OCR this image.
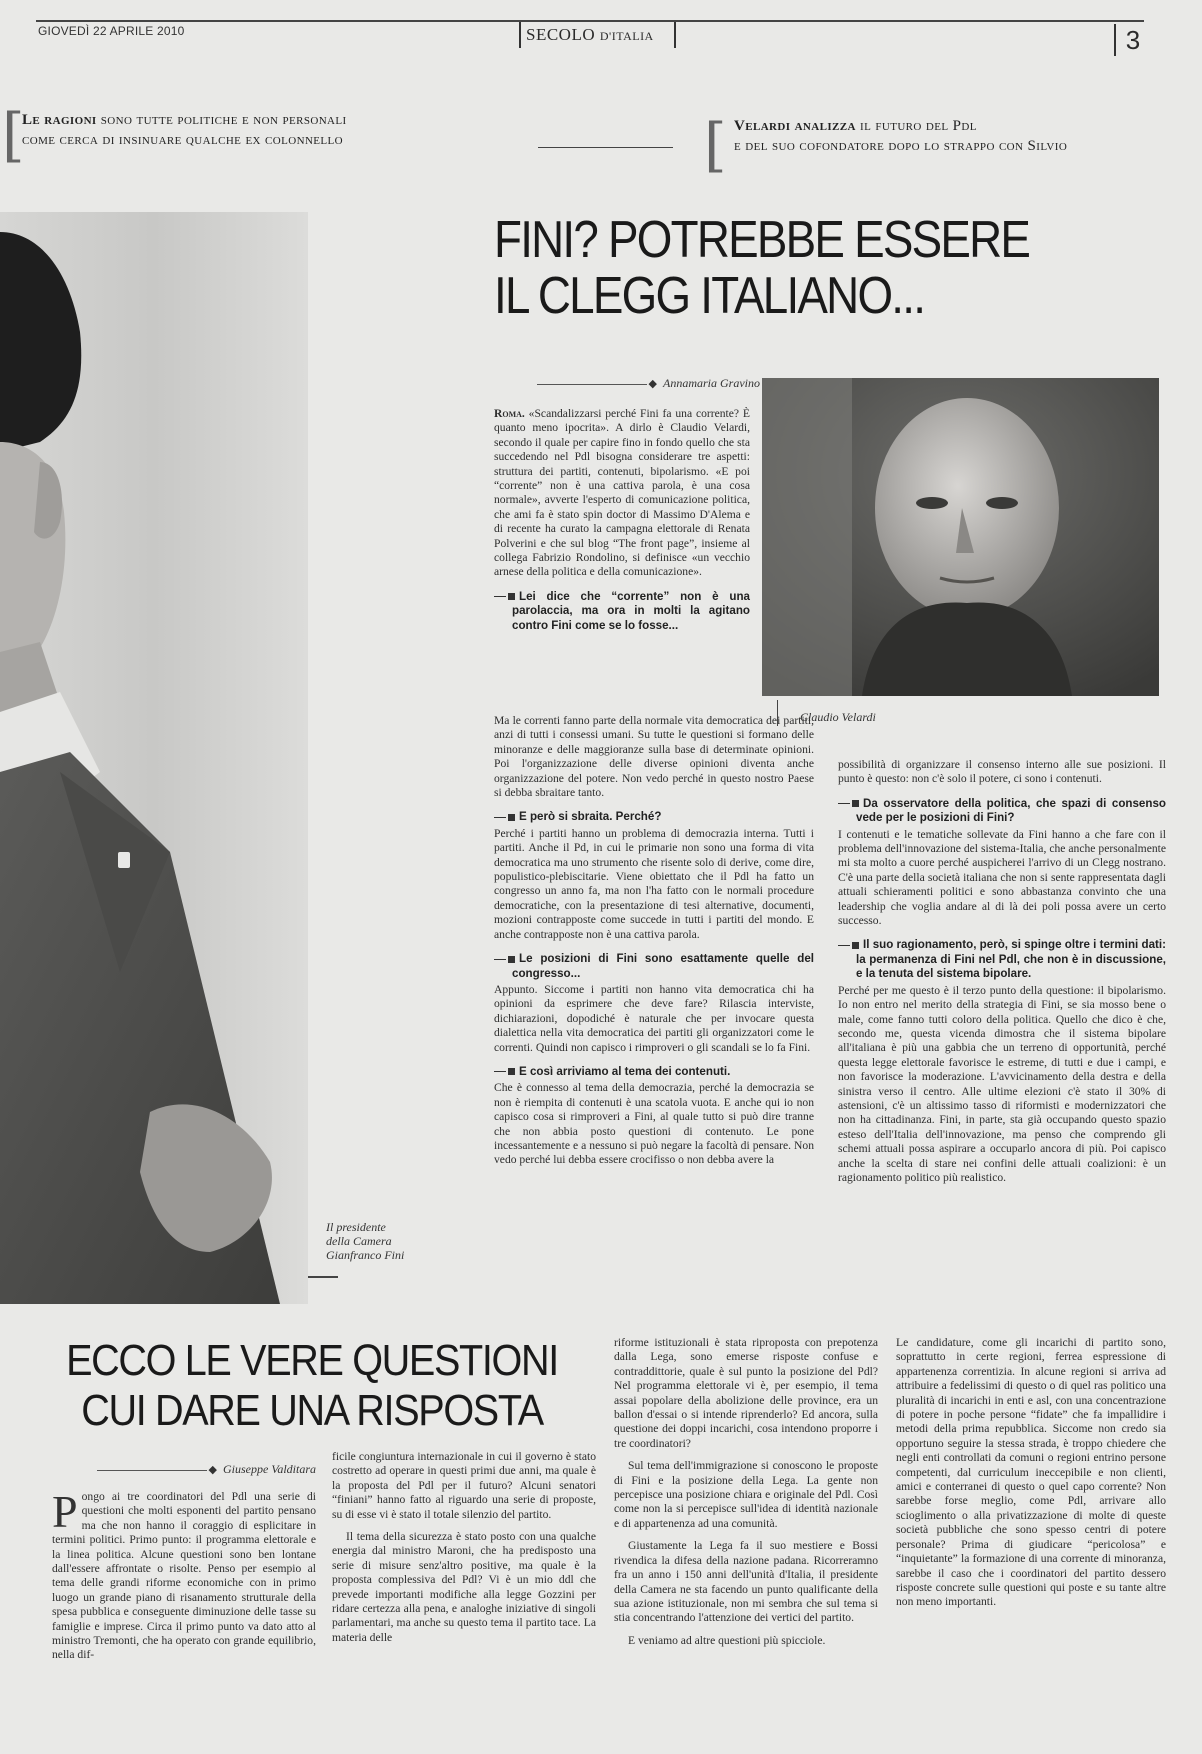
GIOVEDÌ 22 APRILE 2010	SECOLO D'ITALIA	3
[
Le ragioni sono tutte politiche e non personali
come cerca di insinuare qualche ex colonnello	[ Velardi analizza il futuro del Pdl
e del suo cofondatore dopo lo strappo con Silvio
Il presidente
della Camera
Gianfranco Fini
FINI? POTREBBE ESSERE
IL CLEGG ITALIANO...
◆ Annamaria Gravino
Claudio Velardi

Roma. «Scandalizzarsi perché Fini fa una corrente? È quanto meno ipocrita». A dirlo è Claudio Velardi, secondo il quale per capire fino in fondo quello che sta succedendo nel Pdl bisogna considerare tre aspetti: struttura dei partiti, contenuti, bipolarismo. «E poi “corrente” non è una cattiva parola, è una cosa normale», avverte l'esperto di comunicazione politica, che ami fa è stato spin doctor di Massimo D'Alema e di recente ha curato la campagna elettorale di Renata Polverini e che sul blog “The front page”, insieme al collega Fabrizio Rondolino, si definisce «un vecchio arnese della politica e della comunicazione».

Lei dice che “corrente” non è una parolaccia, ma ora in molti la agitano contro Fini come se lo fosse...

Ma le correnti fanno parte della normale vita democratica dei partiti, anzi di tutti i consessi umani. Su tutte le questioni si formano delle minoranze e delle maggioranze sulla base di determinate opinioni. Poi l'organizzazione delle diverse opinioni diventa anche organizzazione del potere. Non vedo perché in questo nostro Paese si debba sbraitare tanto.

E però si sbraita. Perché?

Perché i partiti hanno un problema di democrazia interna. Tutti i partiti. Anche il Pd, in cui le primarie non sono una forma di vita democratica ma uno strumento che risente solo di derive, come dire, populistico-plebiscitarie. Viene obiettato che il Pdl ha fatto un congresso un anno fa, ma non l'ha fatto con le normali procedure democratiche, con la presentazione di tesi alternative, documenti, mozioni contrapposte come succede in tutti i partiti del mondo. E anche contrapposte non è una cattiva parola.

Le posizioni di Fini sono esattamente quelle del congresso...

Appunto. Siccome i partiti non hanno vita democratica chi ha opinioni da esprimere che deve fare? Rilascia interviste, dichiarazioni, dopodiché è naturale che per invocare questa dialettica nella vita democratica dei partiti gli organizzatori come le correnti. Quindi non capisco i rimproveri o gli scandali se lo fa Fini.

E così arriviamo al tema dei contenuti.

Che è connesso al tema della democrazia, perché la democrazia se non è riempita di contenuti è una scatola vuota. E anche qui io non capisco cosa si rimproveri a Fini, al quale tutto si può dire tranne che non abbia posto questioni di contenuto. Le pone incessantemente e a nessuno si può negare la facoltà di pensare. Non vedo perché lui debba essere crocifisso o non debba avere la

possibilità di organizzare il consenso interno alle sue posizioni. Il punto è questo: non c'è solo il potere, ci sono i contenuti.

Da osservatore della politica, che spazi di consenso vede per le posizioni di Fini?

I contenuti e le tematiche sollevate da Fini hanno a che fare con il problema dell'innovazione del sistema-Italia, che anche personalmente mi sta molto a cuore perché auspicherei l'arrivo di un Clegg nostrano. C'è una parte della società italiana che non si sente rappresentata dagli attuali schieramenti politici e sono abbastanza convinto che una leadership che voglia andare al di là dei poli possa avere un certo successo.

Il suo ragionamento, però, si spinge oltre i termini dati: la permanenza di Fini nel Pdl, che non è in discussione, e la tenuta del sistema bipolare.

Perché per me questo è il terzo punto della questione: il bipolarismo. Io non entro nel merito della strategia di Fini, se sia mosso bene o male, come fanno tutti coloro della politica. Quello che dico è che, secondo me, questa vicenda dimostra che il sistema bipolare all'italiana è più una gabbia che un terreno di opportunità, perché questa legge elettorale favorisce le estreme, di tutti e due i campi, e non favorisce la moderazione. L'avvicinamento della destra e della sinistra verso il centro. Alle ultime elezioni c'è stato il 30% di astensioni, c'è un altissimo tasso di riformisti e modernizzatori che non ha cittadinanza. Fini, in parte, sta già occupando questo spazio esteso dell'Italia dell'innovazione, ma penso che comprendo gli schemi attuali possa aspirare a occuparlo ancora di più. Poi capisco anche la scelta di stare nei confini delle attuali coalizioni: è un ragionamento politico più realistico.

ECCO LE VERE QUESTIONI
CUI DARE UNA RISPOSTA
◆ Giuseppe Valditara

Pongo ai tre coordinatori del Pdl una serie di questioni che molti esponenti del partito pensano ma che non hanno il coraggio di esplicitare in termini politici. Primo punto: il programma elettorale e la linea politica. Alcune questioni sono ben lontane dall'essere affrontate o risolte. Penso per esempio al tema delle grandi riforme economiche con in primo luogo un grande piano di risanamento strutturale della spesa pubblica e conseguente diminuzione delle tasse su famiglie e imprese. Circa il primo punto va dato atto al ministro Tremonti, che ha operato con grande equilibrio, nella dif-

ficile congiuntura internazionale in cui il governo è stato costretto ad operare in questi primi due anni, ma quale è la proposta del Pdl per il futuro? Alcuni senatori “finiani” hanno fatto al riguardo una serie di proposte, su di esse vi è stato il totale silenzio del partito.

Il tema della sicurezza è stato posto con una qualche energia dal ministro Maroni, che ha predisposto una serie di misure senz'altro positive, ma quale è la proposta complessiva del Pdl? Vi è un mio ddl che prevede importanti modifiche alla legge Gozzini per ridare certezza alla pena, e analoghe iniziative di singoli parlamentari, ma anche su questo tema il partito tace. La materia delle

riforme istituzionali è stata riproposta con prepotenza dalla Lega, sono emerse risposte confuse e contraddittorie, quale è sul punto la posizione del Pdl? Nel programma elettorale vi è, per esempio, il tema assai popolare della abolizione delle province, era un ballon d'essai o si intende riprenderlo? Ed ancora, sulla questione dei doppi incarichi, cosa intendono proporre i tre coordinatori?

Sul tema dell'immigrazione si conoscono le proposte di Fini e la posizione della Lega. La gente non percepisce una posizione chiara e originale del Pdl. Così come non la si percepisce sull'idea di identità nazionale e di appartenenza ad una comunità.

Giustamente la Lega fa il suo mestiere e Bossi rivendica la difesa della nazione padana. Ricorreramno fra un anno i 150 anni dell'unità d'Italia, il presidente della Camera ne sta facendo un punto qualificante della sua azione istituzionale, non mi sembra che sul tema si stia concentrando l'attenzione dei vertici del partito.

E veniamo ad altre questioni più spicciole.

Le candidature, come gli incarichi di partito sono, soprattutto in certe regioni, ferrea espressione di appartenenza correntizia. In alcune regioni si arriva ad attribuire a fedelissimi di questo o di quel ras politico una pluralità di incarichi in enti e asl, con una concentrazione di potere in poche persone “fidate” che fa impallidire i metodi della prima repubblica. Siccome non credo sia opportuno seguire la stessa strada, è troppo chiedere che negli enti controllati da comuni o regioni entrino persone competenti, dal curriculum ineccepibile e non clienti, amici e conterranei di questo o quel capo corrente? Non sarebbe forse meglio, come Pdl, arrivare allo scioglimento o alla privatizzazione di molte di queste società pubbliche che sono spesso centri di potere personale? Prima di giudicare “pericolosa” e “inquietante” la formazione di una corrente di minoranza, sarebbe il caso che i coordinatori del partito dessero risposte concrete sulle questioni qui poste e su tante altre non meno importanti.
